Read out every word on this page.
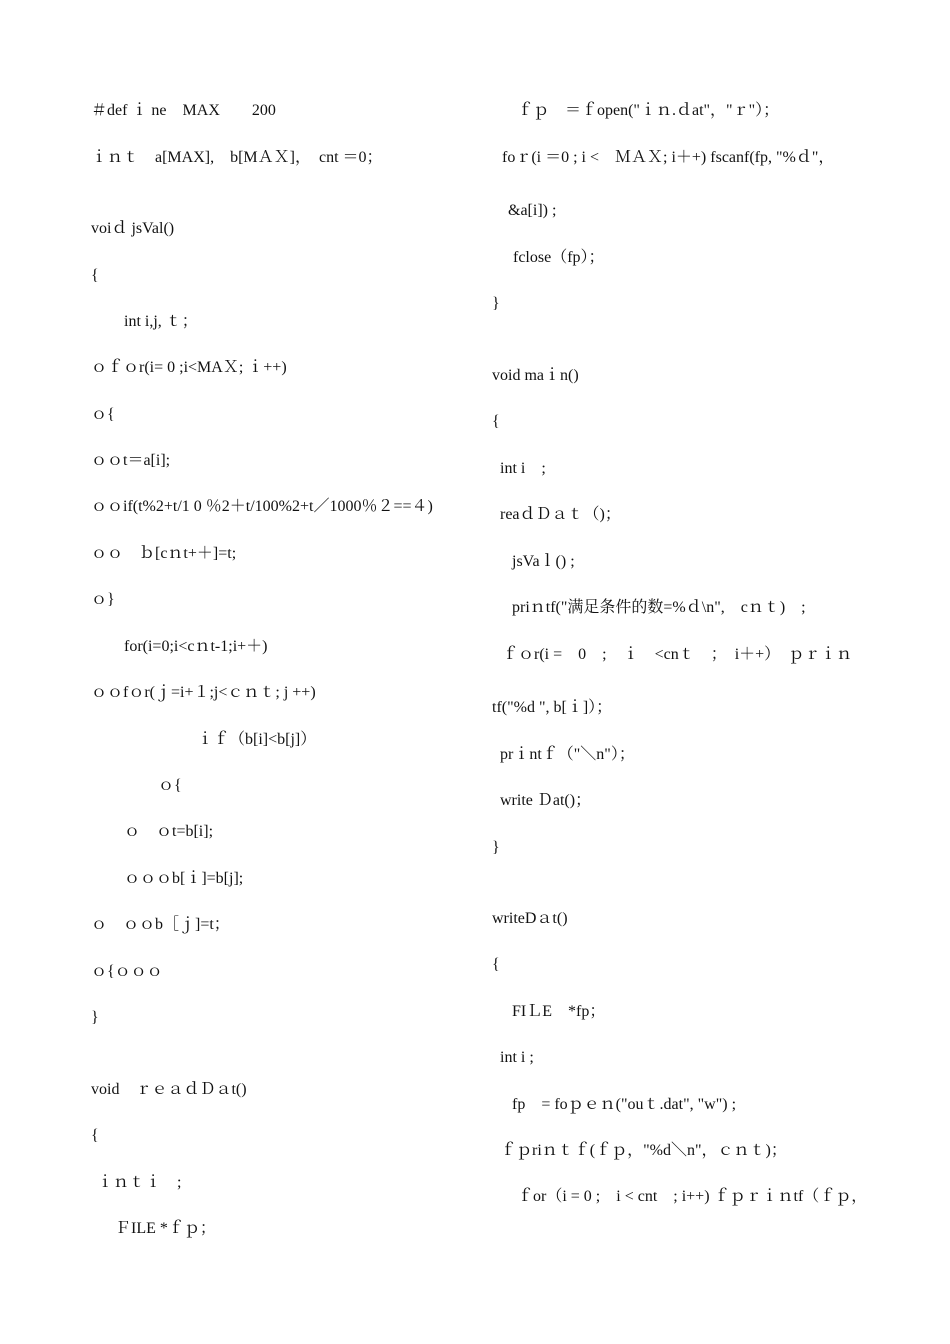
＃def ｉ ne　MAX　　200
ｉｎｔ　a[MAX],　b[MＡＸ]，　cnt ＝0；
voiｄ jsVal()
{
int i,j, ｔ；
ｏｆｏr(i= 0 ;i<MAＸ; ｉ++)
ｏ{
ｏｏt＝a[i];
ｏｏif(t%2+t/1 0 ％2＋t/100%2+t／1000％２==４)
ｏｏ　ｂ[cｎt+＋]=t;
ｏ}
for(i=0;i<cｎt-1;i+＋)
ｏｏfｏr(ｊ=i+１;j<ｃｎｔ; j ++)
ｉｆ（b[i]<b[j]）
ｏ{
ｏ　ｏt=b[i];
ｏｏｏb[ｉ]=b[j];
ｏ　ｏｏb［ｊ]=t；
ｏ{ｏｏｏ
}
void　ｒｅａｄＤａt()
{
ｉｎｔｉ　;
ＦILE *ｆｐ；
ｆｐ　＝ｆopen("ｉｎ.ｄat"，"ｒ"）；
foｒ(i ＝0 ; i <　ＭＡＸ; i＋+) fscanf(fp, "%ｄ"，
&a[i]) ;
fclose（fp）；
}
void maｉn()
{
int i　;
reaｄＤａｔ（)；
jsVaｌ() ;
priｎtf("满足条件的数=%ｄ\n",　cｎｔ)　;
ｆｏr(i =　0　;　ｉ　<cnｔ　；　i＋+）　ｐｒｉｎ
tf("%d ", b[ｉ]）；
prｉntｆ（"＼n"）；
write Ｄat()；
}
writeDａt()
{
FIＬE　*fp；
int i ;
fp　= foｐｅｎ("ouｔ.dat", "w") ;
ｆｐriｎｔｆ(ｆｐ，"%d＼n"，ｃｎｔ)；
ｆor（i = 0 ;　i < cnt　; i++) ｆｐｒｉｎtf（ｆｐ，
